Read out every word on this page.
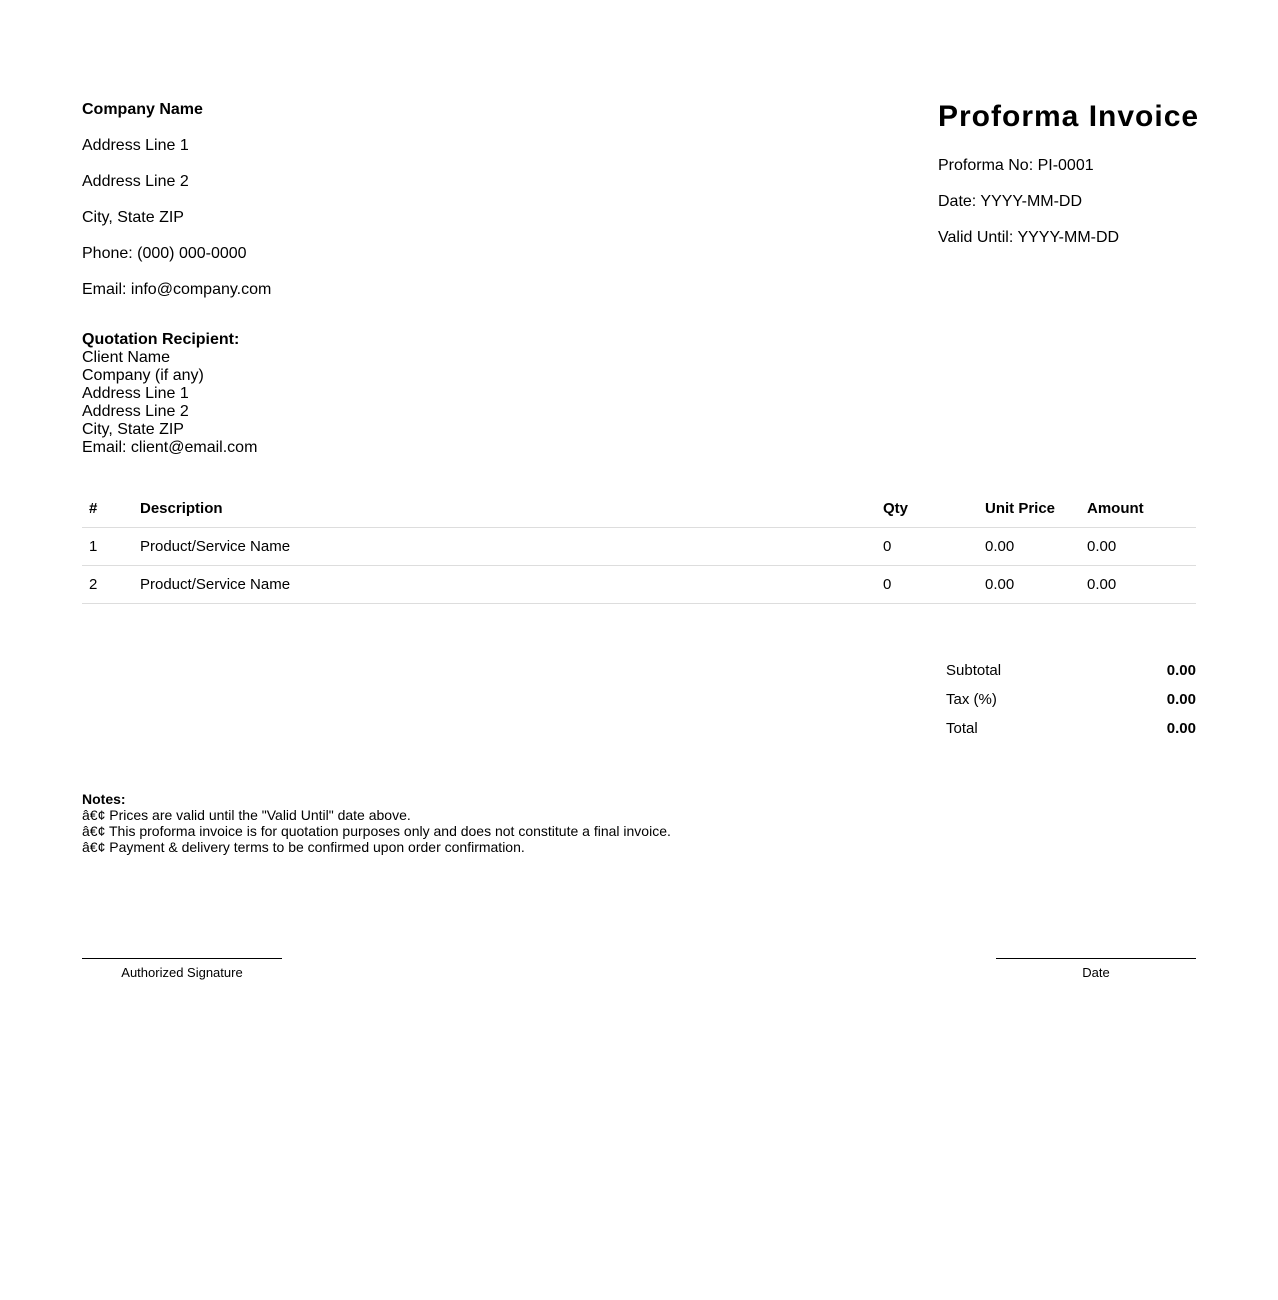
Company Name

Address Line 1

Address Line 2

City, State ZIP

Phone: (000) 000-0000

Email: info@company.com

Proforma Invoice

Proforma No: PI-0001

Date: YYYY-MM-DD

Valid Until: YYYY-MM-DD

Quotation Recipient:
Client Name
Company (if any)
Address Line 1
Address Line 2
City, State ZIP
Email: client@email.com
#	Description	Qty	Unit Price	Amount
1	Product/Service Name	0	0.00	0.00
2	Product/Service Name	0	0.00	0.00
Subtotal	0.00
Tax (%)	0.00
Total	0.00
Notes:
â€¢ Prices are valid until the "Valid Until" date above.
â€¢ This proforma invoice is for quotation purposes only and does not constitute a final invoice.
â€¢ Payment & delivery terms to be confirmed upon order confirmation.
Authorized Signature	Date
